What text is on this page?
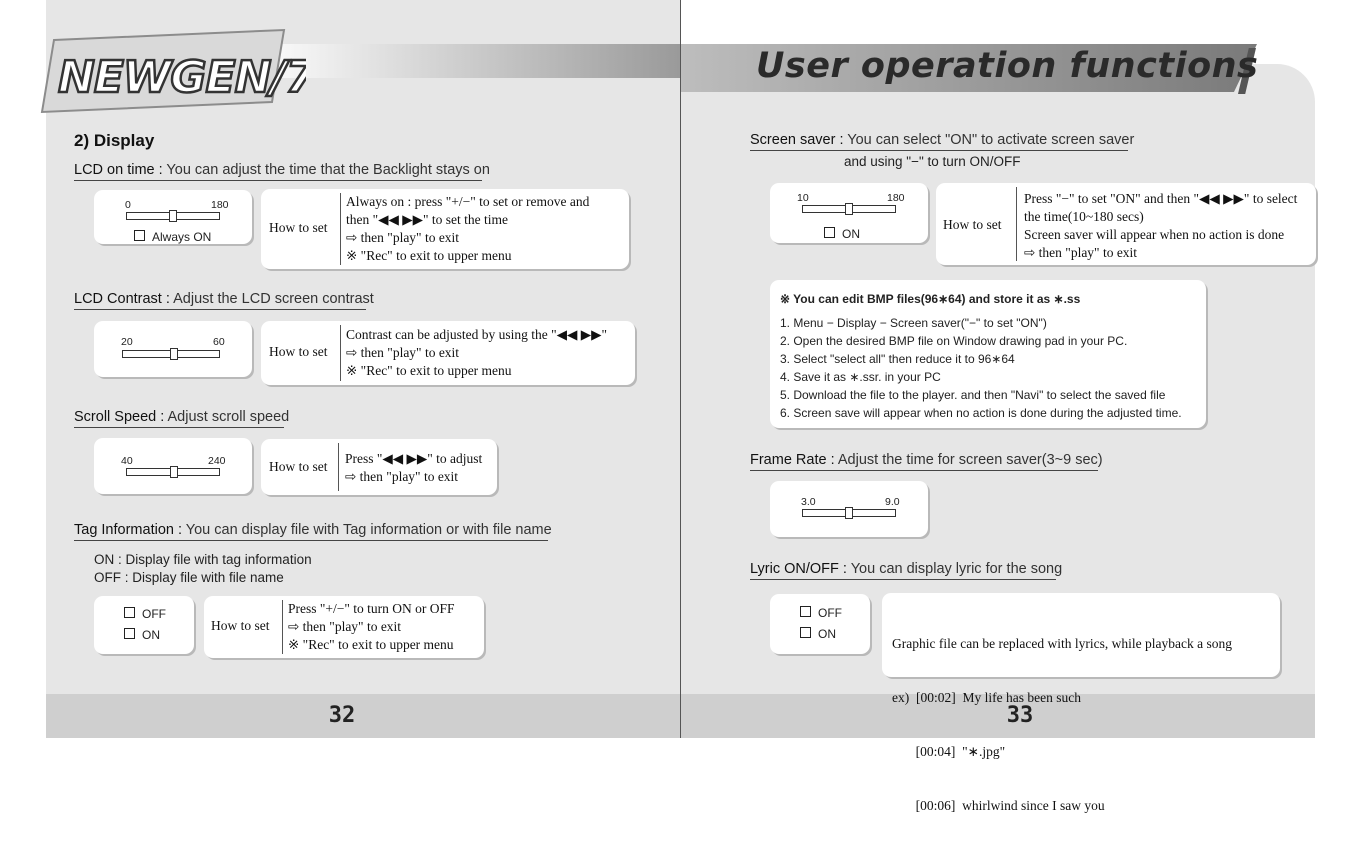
32
NEWGEN/7
2) Display
LCD on time : You can adjust the time that the Backlight stays on
0	180
Always ON
How to set
Always on : press "+/−" to set or remove and
then "◀◀ ▶▶" to set the time
⇨ then "play" to exit
※ "Rec" to exit to upper menu
LCD Contrast : Adjust the LCD screen contrast
20	60
How to set
Contrast can be adjusted by using the "◀◀ ▶▶"
⇨ then "play" to exit
※ "Rec" to exit to upper menu
Scroll Speed : Adjust scroll speed
40	240	How to set
Press "◀◀ ▶▶" to adjust
⇨ then "play" to exit
Tag Information : You can display file with Tag information or with file name
ON : Display file with tag information
OFF : Display file with file name
OFF
ON
How to set
Press "+/−" to turn ON or OFF
⇨ then "play" to exit
※ "Rec" to exit to upper menu
33
User operation functions
Screen saver : You can select "ON" to activate screen saver
and using "−" to turn ON/OFF
10	180
ON
How to set
Press "−" to set "ON" and then "◀◀ ▶▶" to select
the time(10~180 secs)
Screen saver will appear when no action is done
⇨ then "play" to exit
※ You can edit BMP files(96∗64) and store it as ∗.ss
1. Menu − Display − Screen saver("−" to set "ON")
2. Open the desired BMP file on Window drawing pad in your PC.
3. Select "select all" then reduce it to 96∗64
4. Save it as ∗.ssr. in your PC
5. Download the file to the player. and then "Navi" to select the saved file
6. Screen save will appear when no action is done during the adjusted time.
Frame Rate : Adjust the time for screen saver(3~9 sec)
3.0	9.0
Lyric ON/OFF : You can display lyric for the song
OFF
ON

Graphic file can be replaced with lyrics, while playback a song

ex)  [00:02]  My life has been such

[00:04]  "∗.jpg"

[00:06]  whirlwind since I saw you
